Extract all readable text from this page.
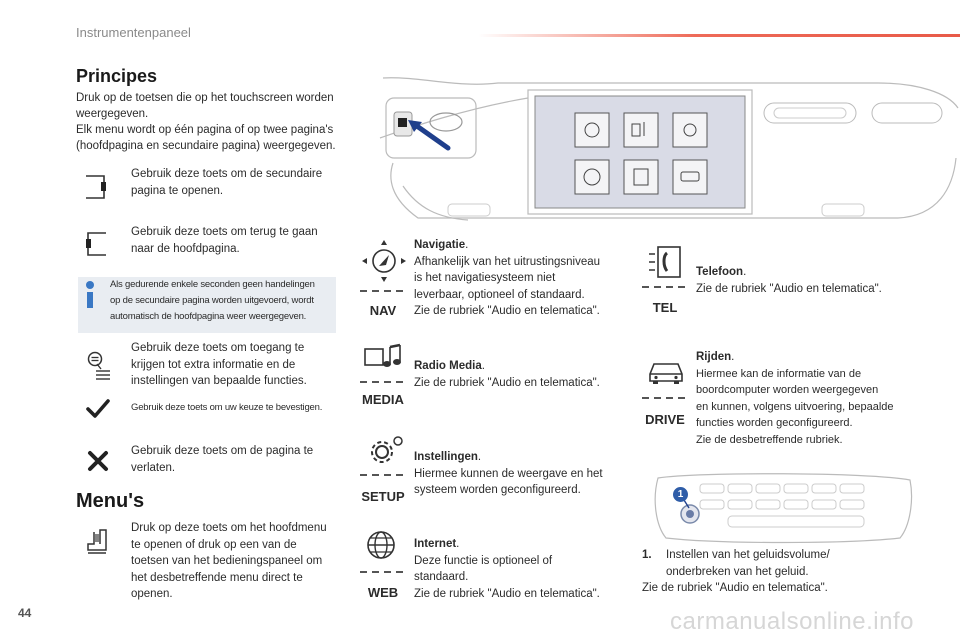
Instrumentenpaneel
Principes
Druk op de toetsen die op het touchscreen worden
weergegeven.
Elk menu wordt op één pagina of op twee pagina's
(hoofdpagina en secundaire pagina) weergegeven.
Gebruik deze toets om de secundaire
pagina te openen.
Gebruik deze toets om terug te gaan
naar de hoofdpagina.
Als gedurende enkele seconden geen handelingen
op de secundaire pagina worden uitgevoerd, wordt
automatisch de hoofdpagina weer weergegeven.
Gebruik deze toets om toegang te
krijgen tot extra informatie en de
instellingen van bepaalde functies.
Gebruik deze toets om uw keuze te bevestigen.
Gebruik deze toets om de pagina te
verlaten.
Menu's
Druk op deze toets om het hoofdmenu
te openen of druk op een van de
toetsen van het bedieningspaneel om
het desbetreffende menu direct te
openen.
NAV
Navigatie.
Afhankelijk van het uitrustingsniveau
is het navigatiesysteem niet
leverbaar, optioneel of standaard.
Zie de rubriek "Audio en telematica".
MEDIA
Radio Media.
Zie de rubriek "Audio en telematica".
SETUP
Instellingen.
Hiermee kunnen de weergave en het
systeem worden geconfigureerd.
WEB
Internet.
Deze functie is optioneel of
standaard.
Zie de rubriek "Audio en telematica".
TEL
Telefoon.
Zie de rubriek "Audio en telematica".
DRIVE
Rijden.
Hiermee kan de informatie van de
boordcomputer worden weergegeven
en kunnen, volgens uitvoering, bepaalde
functies worden geconfigureerd.
Zie de desbetreffende rubriek.
1
1. Instellen van het geluidsvolume/
onderbreken van het geluid.
Zie de rubriek "Audio en telematica".
44	carmanualsonline.info
